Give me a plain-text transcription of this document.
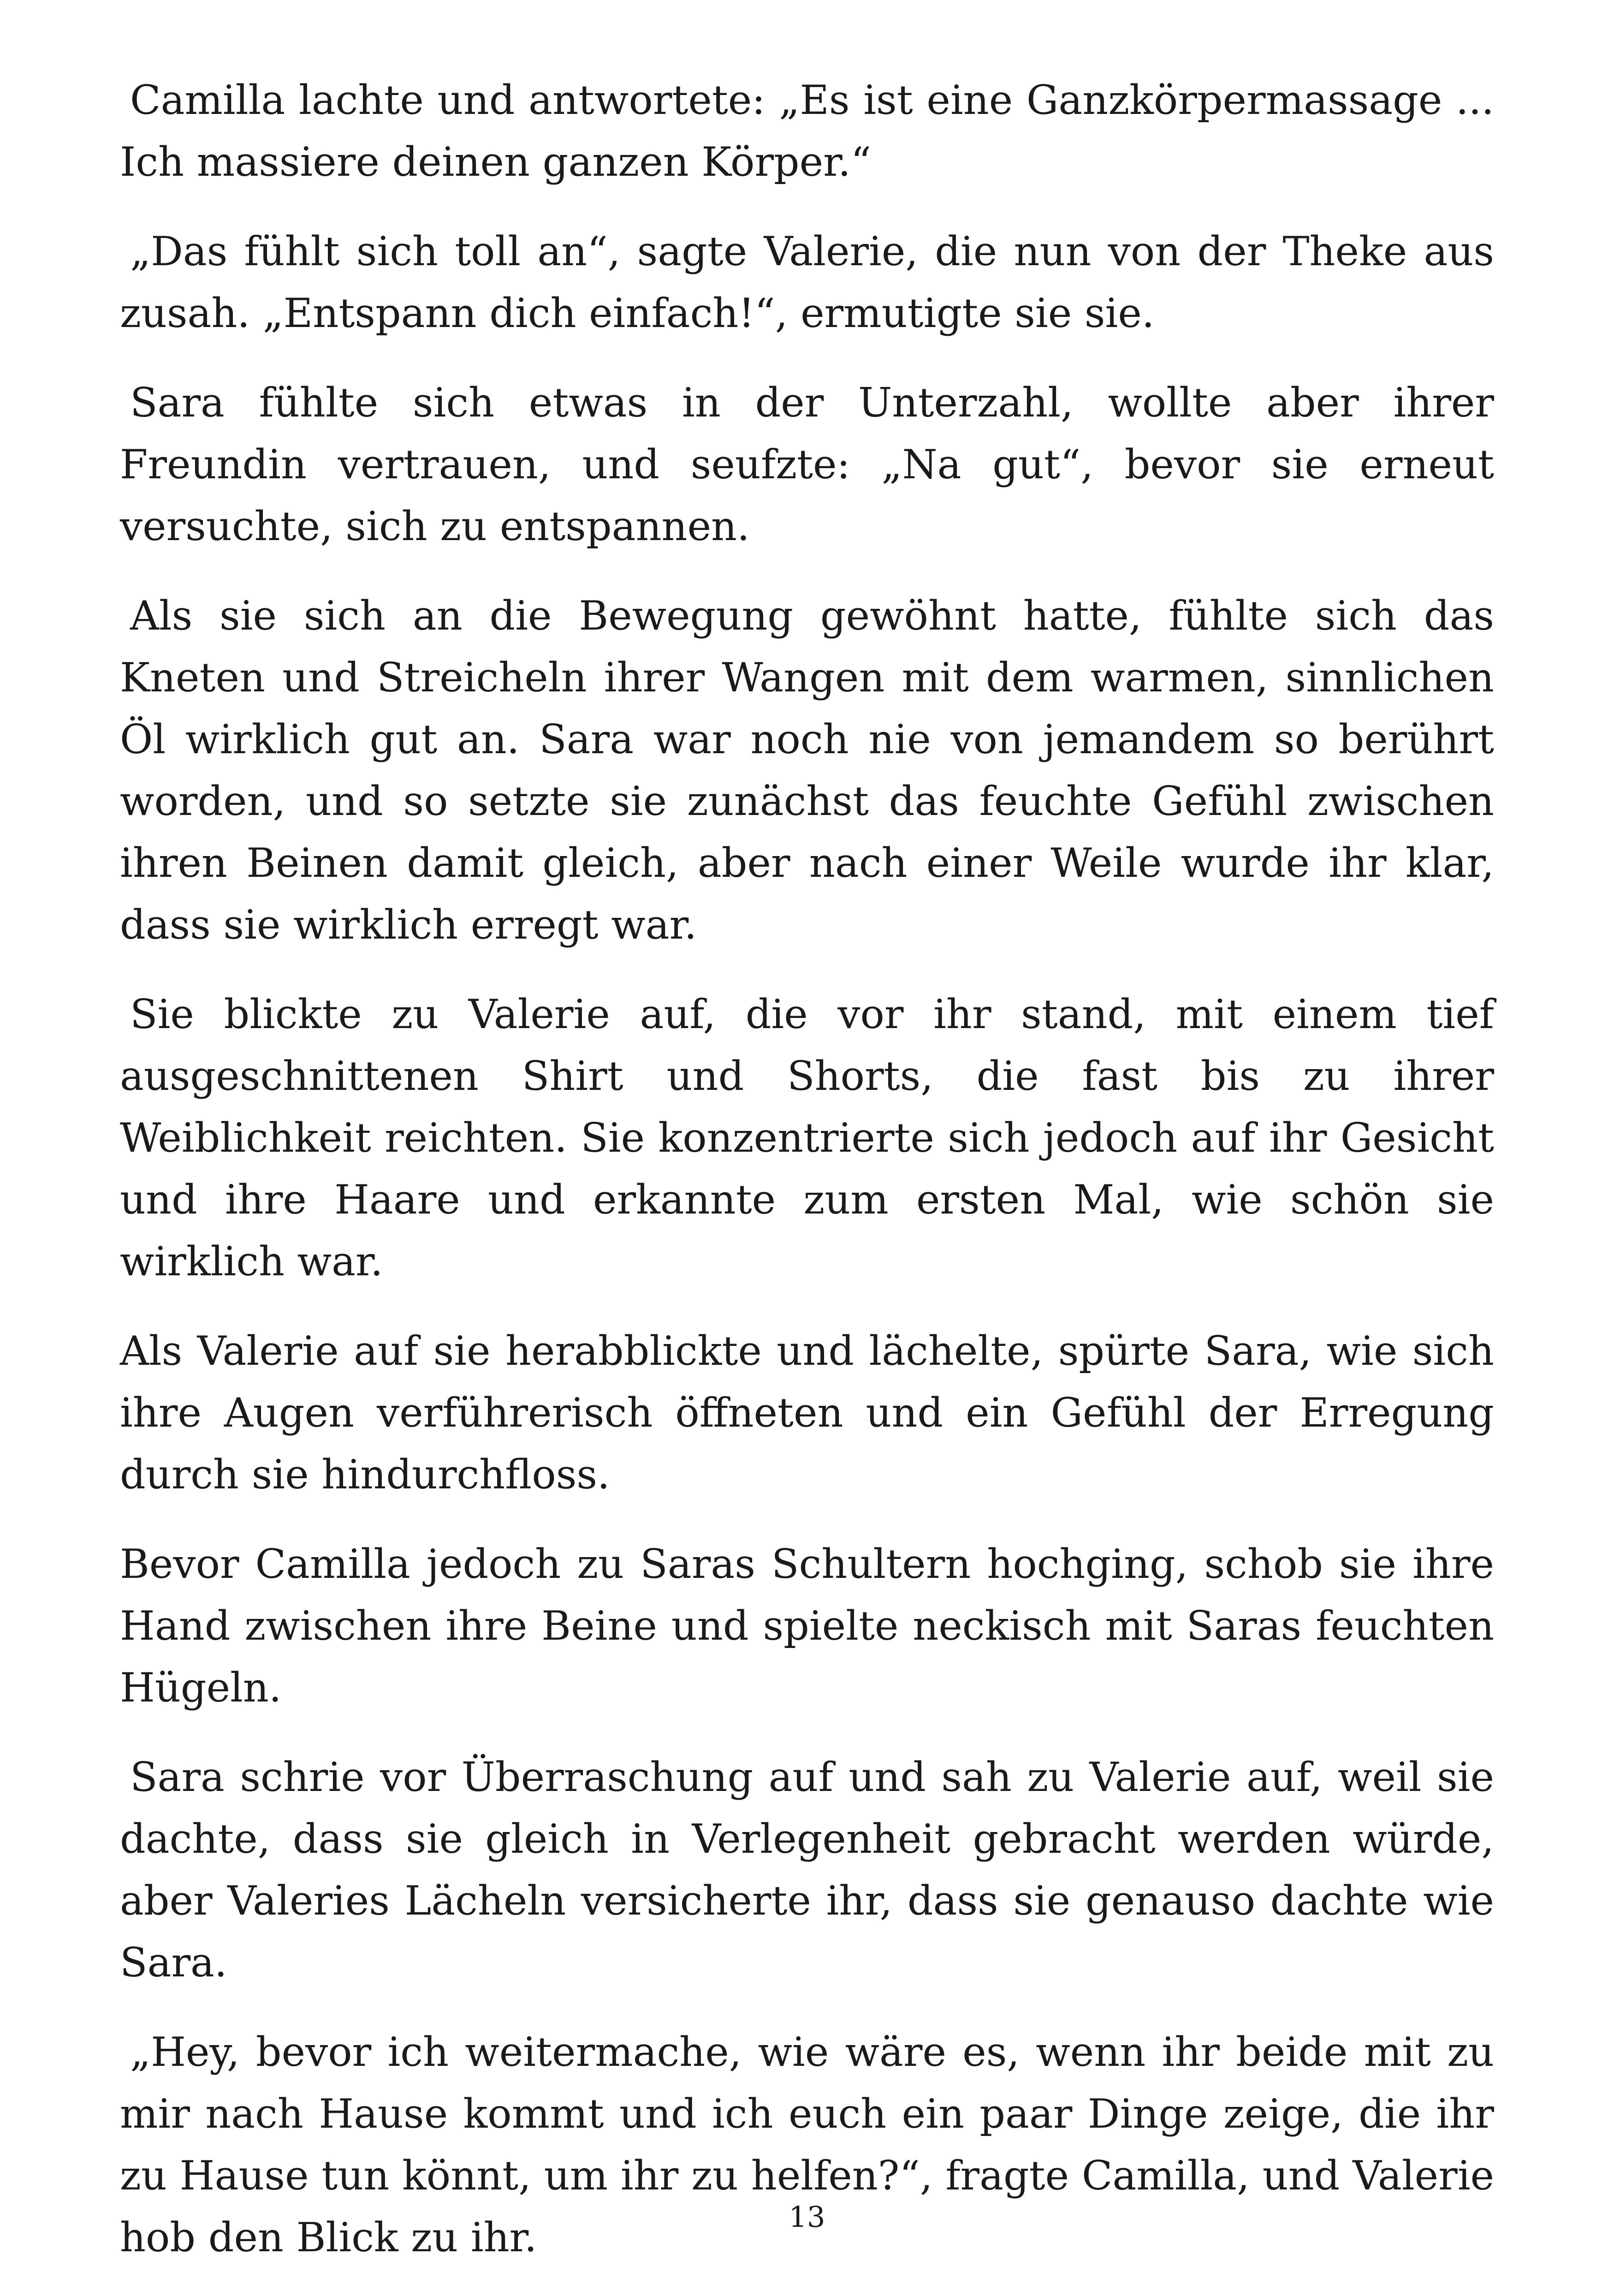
Camilla lachte und antwortete: „Es ist eine Ganzkörpermassage ... Ich massiere deinen ganzen Körper.“

„Das fühlt sich toll an“, sagte Valerie, die nun von der Theke aus zusah. „Entspann dich einfach!“, ermutigte sie sie.

Sara fühlte sich etwas in der Unterzahl, wollte aber ihrer Freundin vertrauen, und seufzte: „Na gut“, bevor sie erneut versuchte, sich zu entspannen.

Als sie sich an die Bewegung gewöhnt hatte, fühlte sich das Kneten und Streicheln ihrer Wangen mit dem warmen, sinnlichen Öl wirklich gut an. Sara war noch nie von jemandem so berührt worden, und so setzte sie zunächst das feuchte Gefühl zwischen ihren Beinen damit gleich, aber nach einer Weile wurde ihr klar, dass sie wirklich erregt war.

Sie blickte zu Valerie auf, die vor ihr stand, mit einem tief ausgeschnittenen Shirt und Shorts, die fast bis zu ihrer Weiblichkeit reichten. Sie konzentrierte sich jedoch auf ihr Gesicht und ihre Haare und erkannte zum ersten Mal, wie schön sie wirklich war.

Als Valerie auf sie herabblickte und lächelte, spürte Sara, wie sich ihre Augen verführerisch öffneten und ein Gefühl der Erregung durch sie hindurchfloss.

Bevor Camilla jedoch zu Saras Schultern hochging, schob sie ihre Hand zwischen ihre Beine und spielte neckisch mit Saras feuchten Hügeln.

Sara schrie vor Überraschung auf und sah zu Valerie auf, weil sie dachte, dass sie gleich in Verlegenheit gebracht werden würde, aber Valeries Lächeln versicherte ihr, dass sie genauso dachte wie Sara.

„Hey, bevor ich weitermache, wie wäre es, wenn ihr beide mit zu mir nach Hause kommt und ich euch ein paar Dinge zeige, die ihr zu Hause tun könnt, um ihr zu helfen?“, fragte Camilla, und Valerie hob den Blick zu ihr.	13
